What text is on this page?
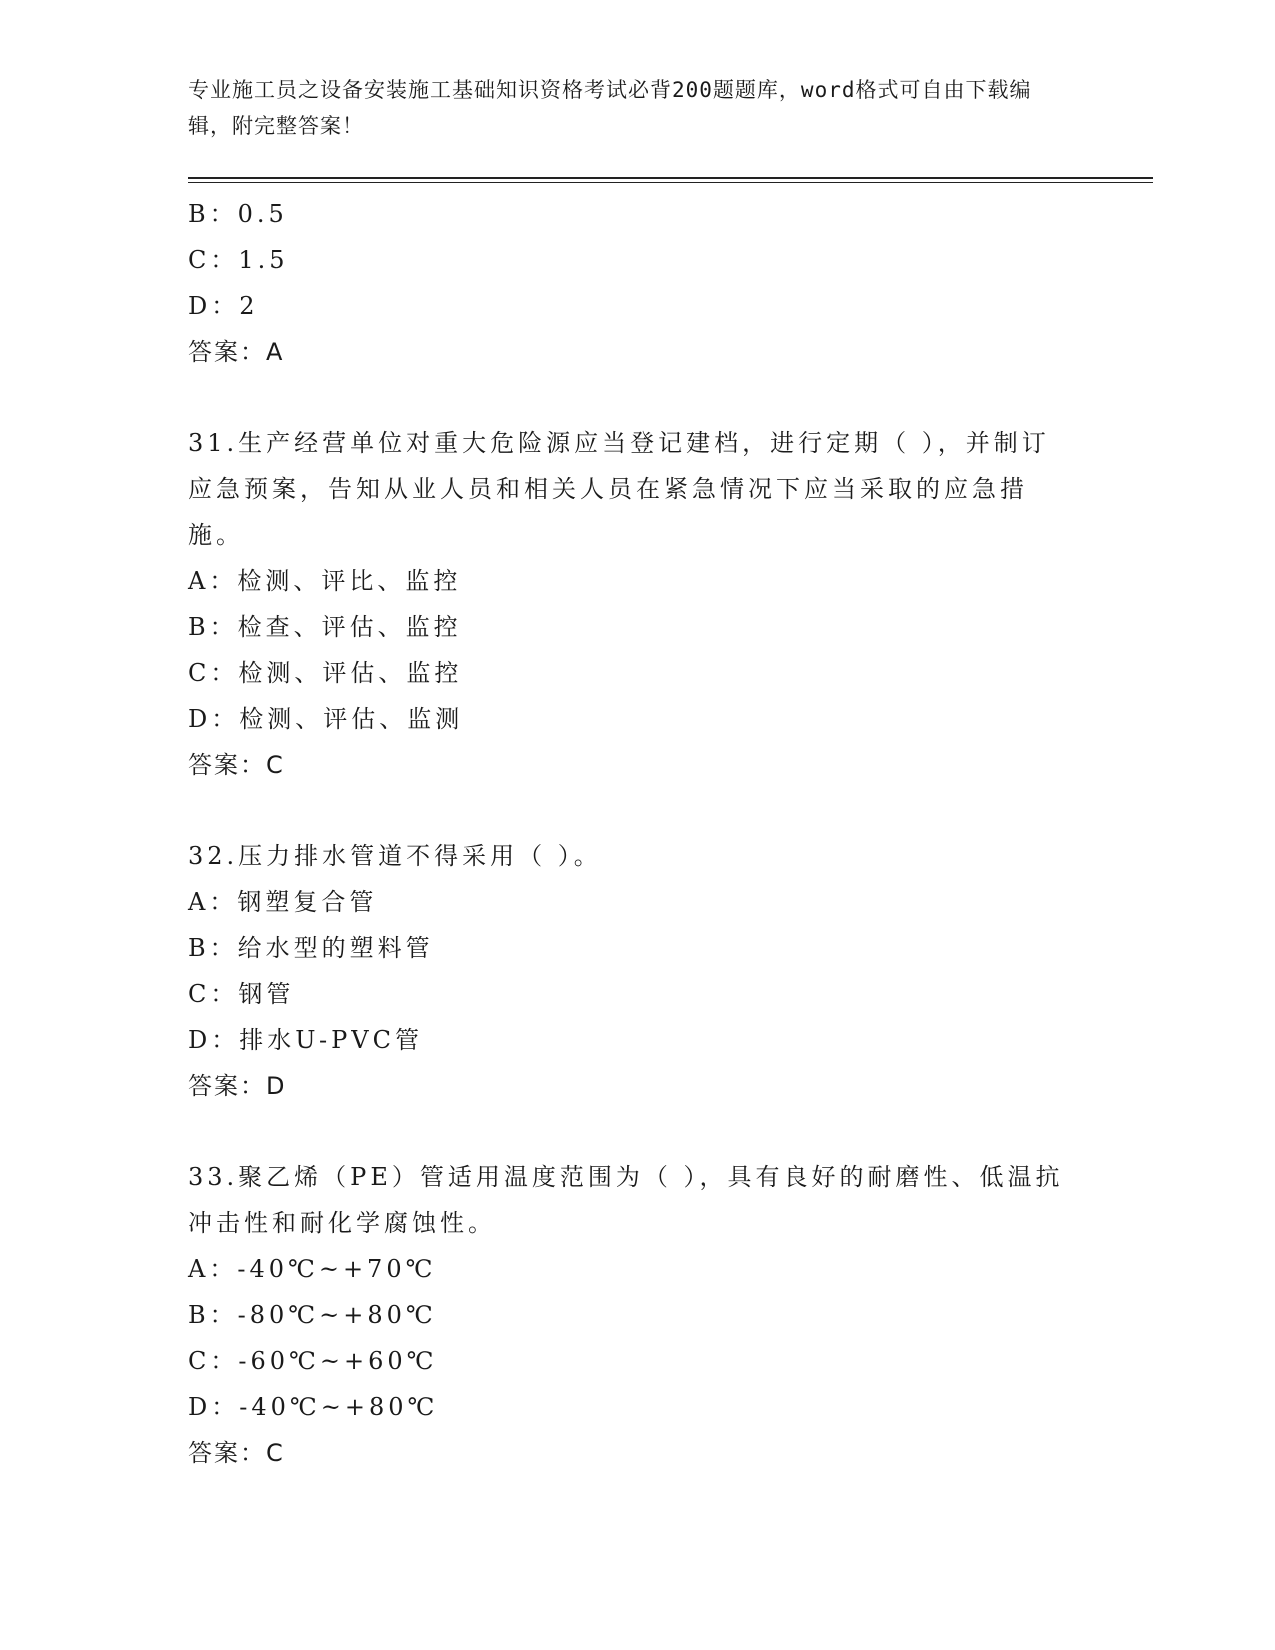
专业施工员之设备安装施工基础知识资格考试必背200题题库，word格式可自由下载编辑，附完整答案！
B：0.5
C：1.5
D：2
答案：A
31.生产经营单位对重大危险源应当登记建档，进行定期（ ），并制订应急预案，告知从业人员和相关人员在紧急情况下应当采取的应急措施。
A：检测、评比、监控
B：检查、评估、监控
C：检测、评估、监控
D：检测、评估、监测
答案：C
32.压力排水管道不得采用（ ）。
A：钢塑复合管
B：给水型的塑料管
C：钢管
D：排水U-PVC管
答案：D
33.聚乙烯（PE）管适用温度范围为（ ），具有良好的耐磨性、低温抗冲击性和耐化学腐蚀性。
A：-40℃~+70℃
B：-80℃~+80℃
C：-60℃~+60℃
D：-40℃~+80℃
答案：C
